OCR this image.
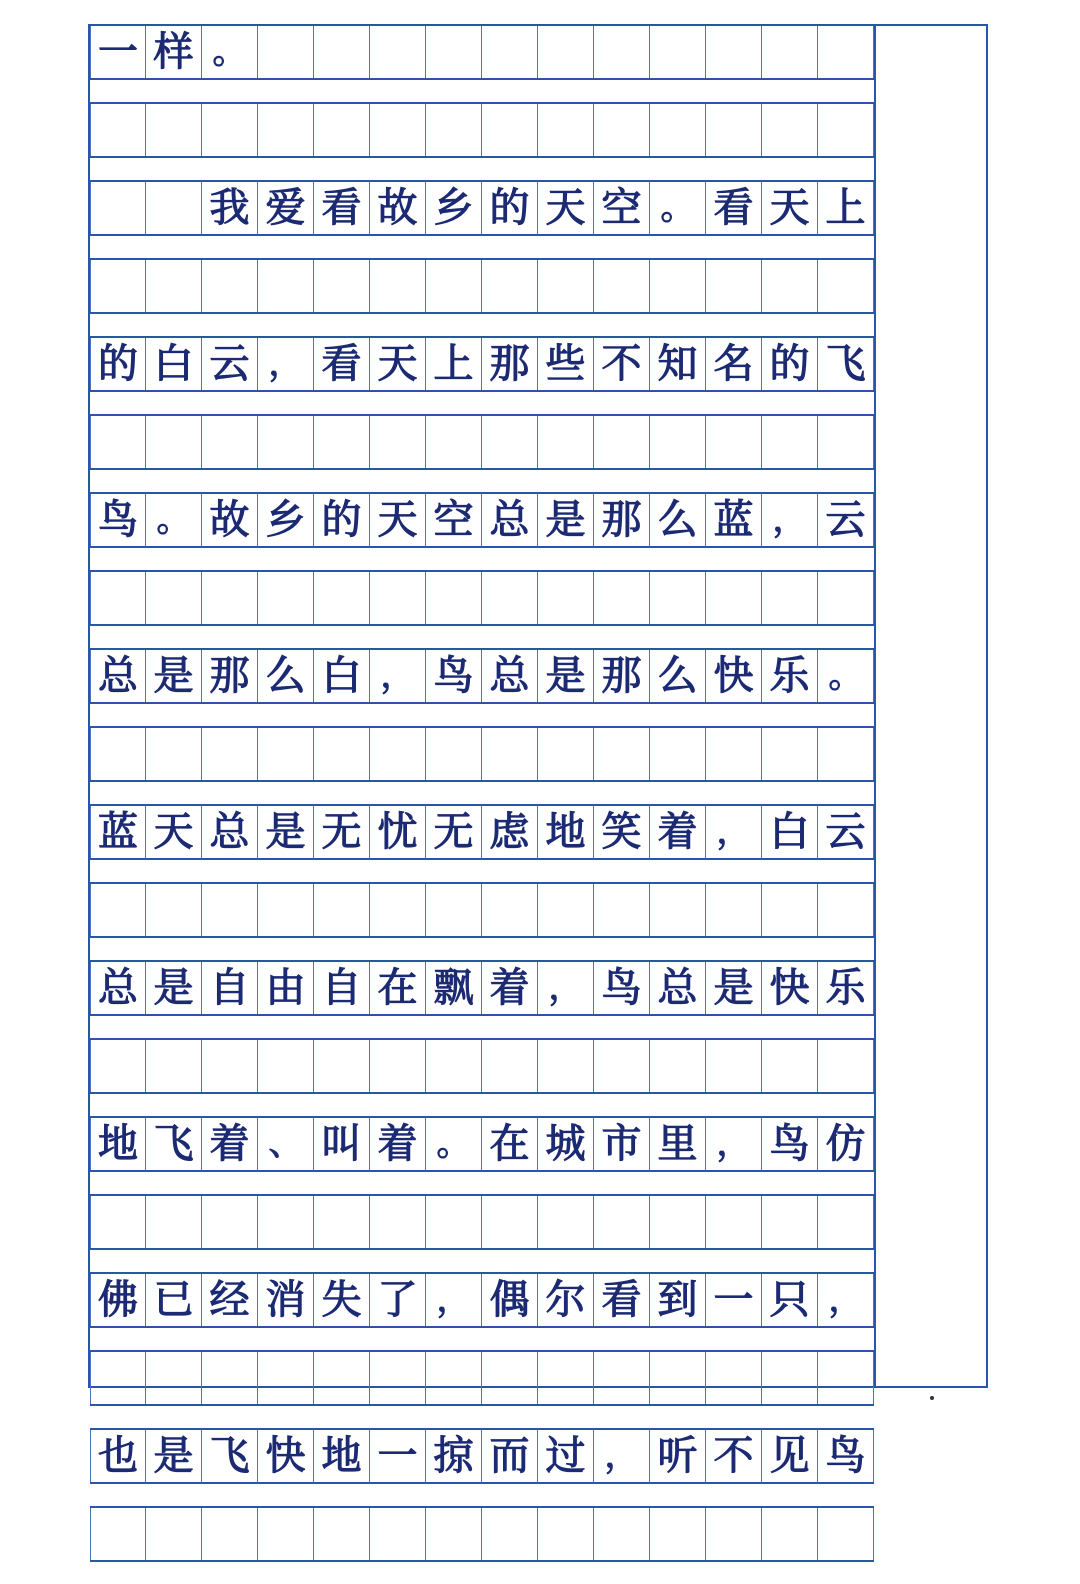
一 样 。
我 爱 看 故 乡 的 天 空 。 看 天 上
的 白 云 ， 看 天 上 那 些 不 知 名 的 飞
鸟 。 故 乡 的 天 空 总 是 那 么 蓝 ， 云
总 是 那 么 白 ， 鸟 总 是 那 么 快 乐 。
蓝 天 总 是 无 忧 无 虑 地 笑 着 ， 白 云
总 是 自 由 自 在 飘 着 ， 鸟 总 是 快 乐
地 飞 着 、 叫 着 。 在 城 市 里 ， 鸟 仿
佛 已 经 消 失 了 ， 偶 尔 看 到 一 只 ，
也 是 飞 快 地 一 掠 而 过 ， 听 不 见 鸟
